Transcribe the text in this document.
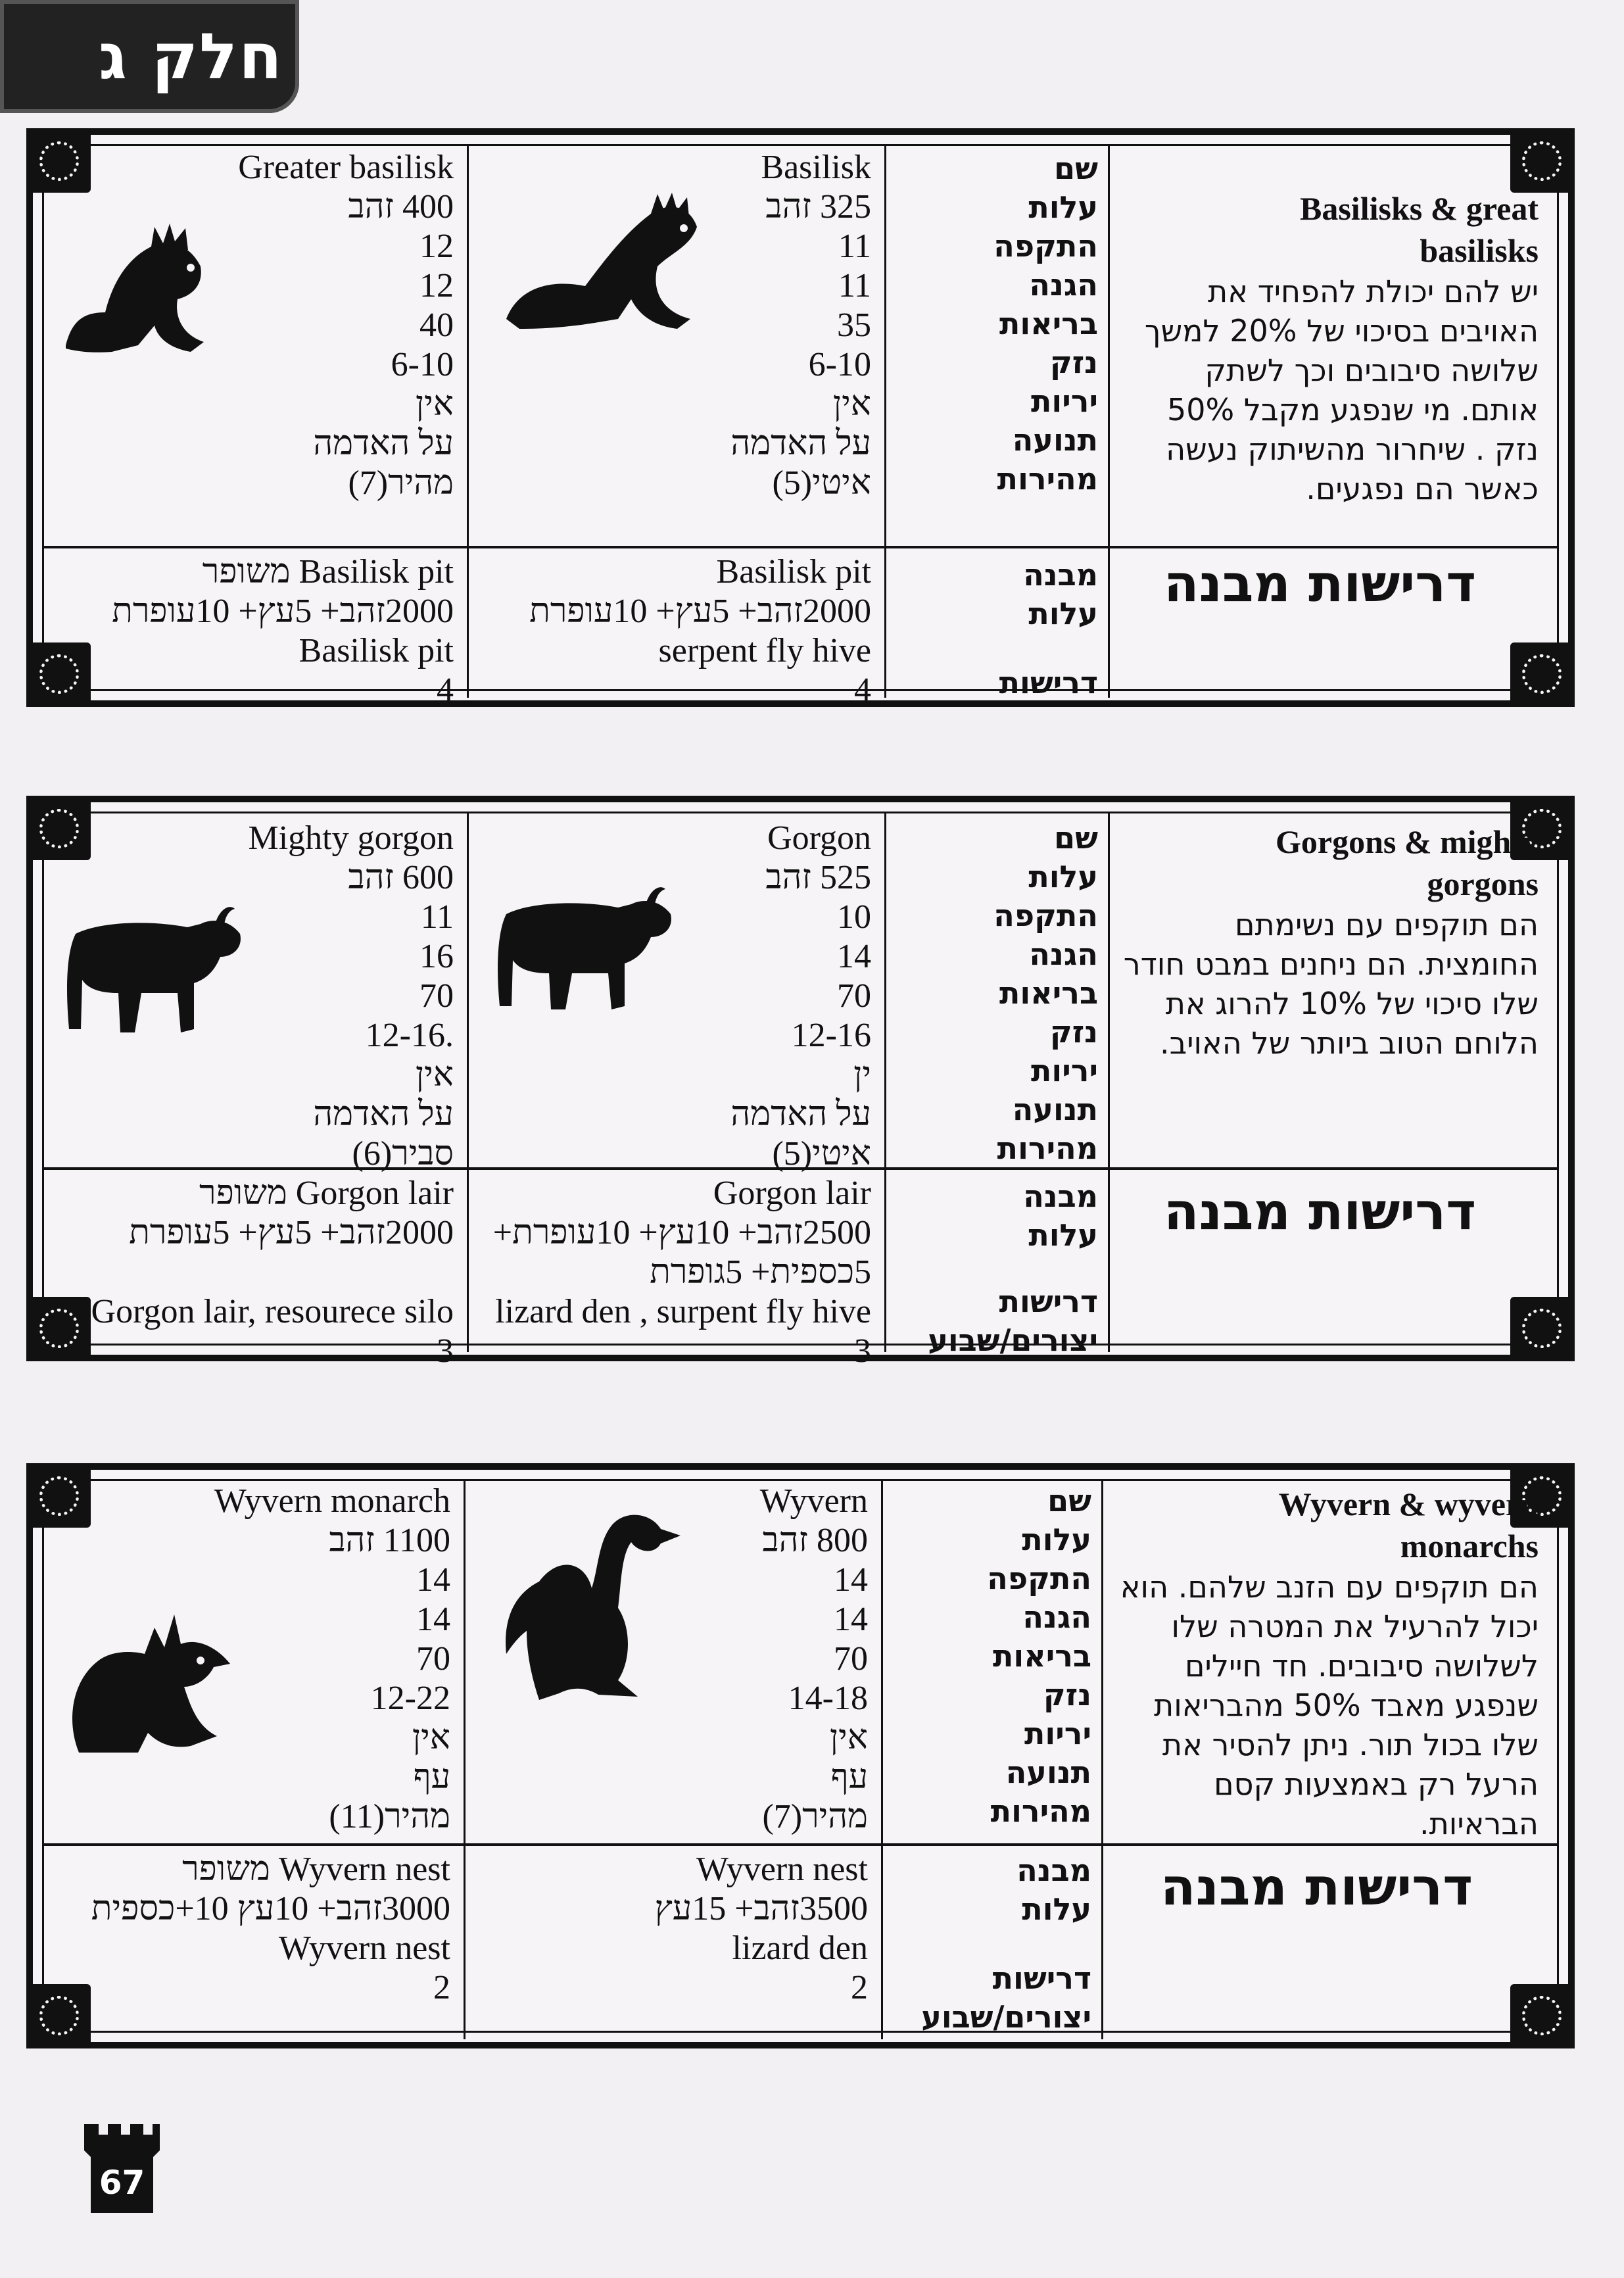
חלק ג
Basilisks & great
basilisks
יש להם יכולת להפחיד את האויבים בסיכוי של 20% למשך שלושה סיבובים וכך לשתק אותם. מי שנפגע מקבל 50% נזק . שיחרור מהשיתוק נעשה כאשר הם נפגעים.
דרישות מבנה
שם
עלות
התקפה
הגנה
בריאות
נזק
יריות
תנועה
מהירות
מבנה
עלות
דרישות
Basilisk
325 זהב
11
11
35
6-10
אין
על האדמה
איטי(5)
Basilisk pit
2000זהב+ 5עץ+ 10עופרת
serpent fly hive
4
Greater basilisk
400 זהב
12
12
40
6-10
אין
על האדמה
מהיר(7)
Basilisk pit משופר
2000זהב+ 5עץ+ 10עופרת
Basilisk pit
4
Gorgons & mighty
gorgons
הם תוקפים עם נשימתם החומצית. הם ניחנים במבט חודר שלו סיכוי של 10% להרוג את הלוחם הטוב ביותר של האויב.
דרישות מבנה
שם
עלות
התקפה
הגנה
בריאות
נזק
יריות
תנועה
מהירות
מבנה
עלות
דרישות
יצורים/שבוע
Gorgon
525 זהב
10
14
70
12-16
ין
על האדמה
איטי(5)
Gorgon lair
2500זהב+ 10עץ+ 10עופרת+
5כספית+ 5גופרת
lizard den , surpent fly hive
3
Mighty gorgon
600 זהב
11
16
70
.12-16
אין
על האדמה
סביר(6)
Gorgon lair משופר
2000זהב+ 5עץ+ 5עופרת
Gorgon lair, resourece silo
3
Wyvern & wyvern
monarchs
הם תוקפים עם הזנב שלהם. הוא יכול להרעיל את המטרה שלו לשלושה סיבובים. חד חיילים שנפגע מאבד 50% מהבריאות שלו בכול תור. ניתן להסיר את הרעל רק באמצעות קסם הבראיות.
דרישות מבנה
שם
עלות
התקפה
הגנה
בריאות
נזק
יריות
תנועה
מהירות
מבנה
עלות
דרישות
יצורים/שבוע
Wyvern
800 זהב
14
14
70
14-18
אין
עף
מהיר(7)
Wyvern nest
3500זהב+ 15עץ
lizard den
2
Wyvern monarch
1100 זהב
14
14
70
12-22
אין
עף
מהיר(11)
Wyvern nest משופר
3000זהב+ 10עץ 10+כספית
Wyvern nest
2
67
